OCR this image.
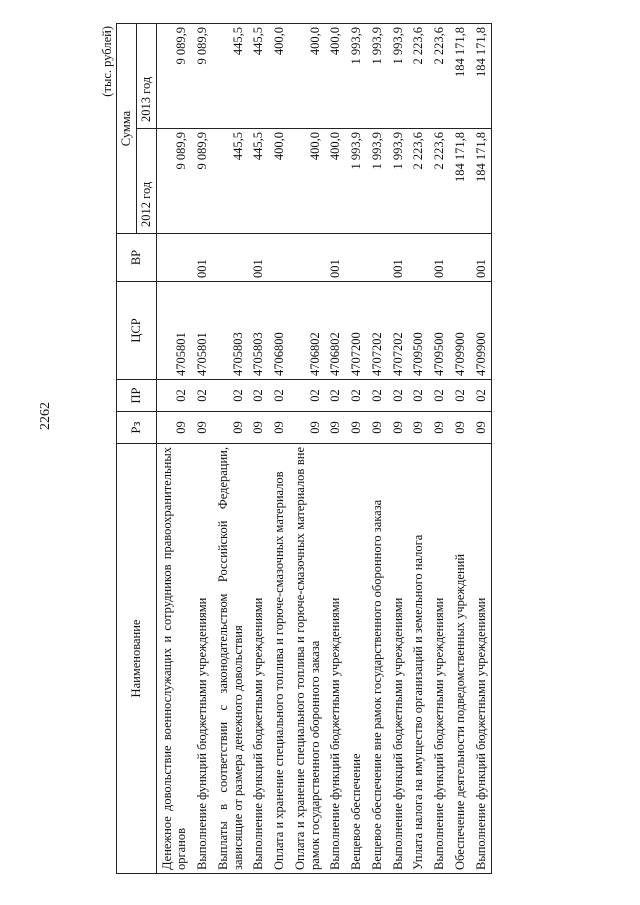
2262
(тыс. рублей)
Наименование	Рз	ПР	ЦСР	ВР	Сумма	
					2012 год	2013 год
Денежное довольствие военнослужащих и сотрудников правоохранительных органов	09	02	4705801		9 089,9	9 089,9
Выполнение функций бюджетными учреждениями	09	02	4705801	001	9 089,9	9 089,9
Выплаты в соответствии с законодательством Российской Федерации, зависящие от размера денежного довольствия	09	02	4705803		445,5	445,5
Выполнение функций бюджетными учреждениями	09	02	4705803	001	445,5	445,5
Оплата и хранение специального топлива и горюче-смазочных материалов	09	02	4706800		400,0	400,0
Оплата и хранение специального топлива и горюче-смазочных материалов вне рамок государственного оборонного заказа	09	02	4706802		400,0	400,0
Выполнение функций бюджетными учреждениями	09	02	4706802	001	400,0	400,0
Вещевое обеспечение	09	02	4707200		1 993,9	1 993,9
Вещевое обеспечение вне рамок государственного оборонного заказа	09	02	4707202		1 993,9	1 993,9
Выполнение функций бюджетными учреждениями	09	02	4707202	001	1 993,9	1 993,9
Уплата налога на имущество организаций и земельного налога	09	02	4709500		2 223,6	2 223,6
Выполнение функций бюджетными учреждениями	09	02	4709500	001	2 223,6	2 223,6
Обеспечение деятельности подведомственных учреждений	09	02	4709900		184 171,8	184 171,8
Выполнение функций бюджетными учреждениями	09	02	4709900	001	184 171,8	184 171,8
